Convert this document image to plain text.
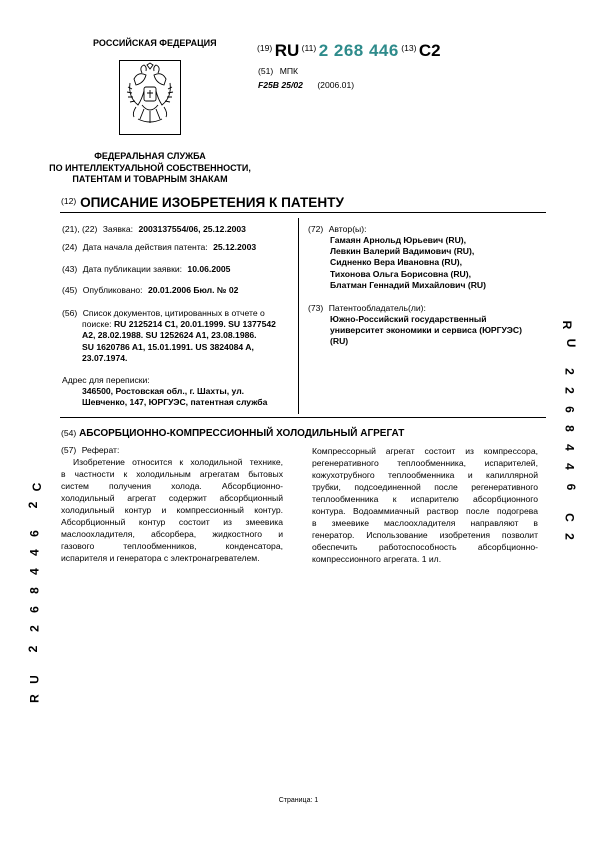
РОССИЙСКАЯ ФЕДЕРАЦИЯ
ФЕДЕРАЛЬНАЯ СЛУЖБА
ПО ИНТЕЛЛЕКТУАЛЬНОЙ СОБСТВЕННОСТИ,
ПАТЕНТАМ И ТОВАРНЫМ ЗНАКАМ
(19) RU (11) 2 268 446 (13) C2
(51) МПК
F25B 25/02 (2006.01)
$^{(12)}$ ОПИСАНИЕ ИЗОБРЕТЕНИЯ К ПАТЕНТУ
(21), (22) Заявка: 2003137554/06, 25.12.2003
(24) Дата начала действия патента: 25.12.2003
(43) Дата публикации заявки: 10.06.2005
(45) Опубликовано: 20.01.2006 Бюл. № 02
(56) Список документов, цитированных в отчете о
поиске: RU 2125214 C1, 20.01.1999. SU 1377542
A2, 28.02.1988. SU 1252624 A1, 23.08.1986.
SU 1620786 A1, 15.01.1991. US 3824084 A,
23.07.1974.
Адрес для переписки:
346500, Ростовская обл., г. Шахты, ул.
Шевченко, 147, ЮРГУЭС, патентная служба
(72) Автор(ы):
Гамаян Арнольд Юрьевич (RU),
Левкин Валерий Вадимович (RU),
Сидненко Вера Ивановна (RU),
Тихонова Ольга Борисовна (RU),
Блатман Геннадий Михайлович (RU)
(73) Патентообладатель(ли):
Южно-Российский государственный
университет экономики и сервиса (ЮРГУЭС)
(RU)
(54) АБСОРБЦИОННО-КОМПРЕССИОННЫЙ ХОЛОДИЛЬНЫЙ АГРЕГАТ
(57) Реферат:
Изобретение относится к холодильной технике,
в частности к холодильным агрегатам бытовых
систем получения холода. Абсорбционно-
холодильный агрегат содержит абсорбционный
холодильный контур и компрессионный контур.
Абсорбционный контур состоит из змеевика
маслоохладителя, абсорбера, жидкостного и
газового теплообменников, конденсатора,
испарителя и генератора с электронагревателем.
Компрессорный агрегат состоит из компрессора,
регенеративного теплообменника, испарителей,
кожухотрубного теплообменника и капиллярной
трубки, подсоединенной после регенеративного
теплообменника к испарителю абсорбционного
контура. Водоаммиачный раствор после подогрева
в змеевике маслоохладителя направляют в
генератор. Использование изобретения позволит
обеспечить работоспособность абсорбционно-
компрессионного агрегата. 1 ил.
R
U
2
2
6
8
4
4
6
C
2
C
2
6
4
4
8
6
2
2
U
R
Страница: 1
